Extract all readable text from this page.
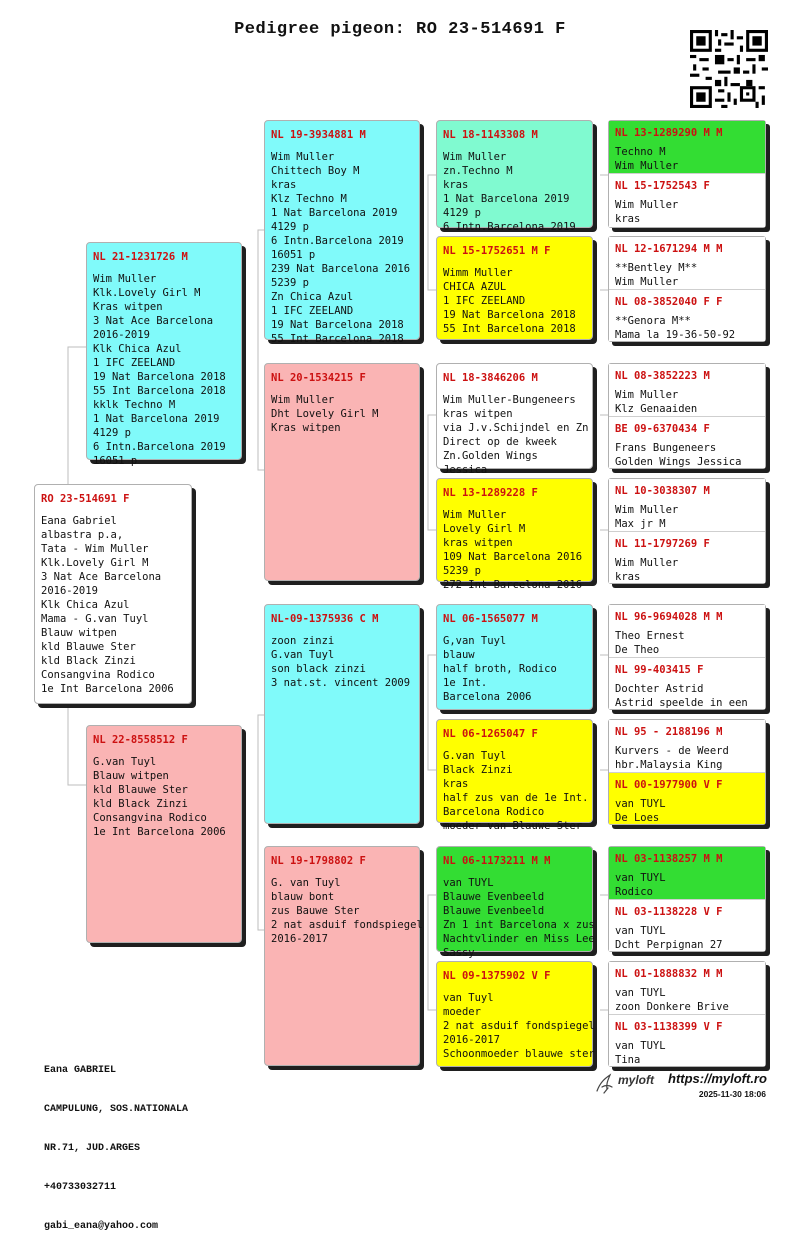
Pedigree pigeon: RO 23-514691 F
RO 23-514691 F
Eana Gabriel
albastra p.a,
Tata - Wim Muller
Klk.Lovely Girl M
3 Nat Ace Barcelona
2016-2019
Klk Chica Azul
Mama - G.van Tuyl
Blauw witpen
kld Blauwe Ster
kld Black Zinzi
Consangvina Rodico
1e Int Barcelona 2006
NL 21-1231726 M
Wim Muller
Klk.Lovely Girl M
Kras witpen
3 Nat Ace Barcelona
2016-2019
Klk Chica Azul
1 IFC ZEELAND
19 Nat Barcelona 2018
55 Int Barcelona 2018
kklk Techno M
1 Nat Barcelona 2019
4129 p
6 Intn.Barcelona 2019
16051 p
NL 22-8558512 F
G.van Tuyl
Blauw witpen
kld Blauwe Ster
kld Black Zinzi
Consangvina Rodico
1e Int Barcelona 2006
NL 19-3934881 M
Wim Muller
Chittech Boy M
kras
Klz Techno M
1 Nat Barcelona 2019
4129 p
6 Intn.Barcelona 2019
16051 p
239 Nat Barcelona 2016
5239 p
Zn Chica Azul
1 IFC ZEELAND
19 Nat Barcelona 2018
55 Int Barcelona 2018
NL 20-1534215 F
Wim Muller
Dht Lovely Girl M
Kras witpen
NL-09-1375936 C M
zoon zinzi
G.van Tuyl
son black zinzi
3 nat.st. vincent 2009
NL 19-1798802 F
G. van Tuyl
blauw bont
zus Bauwe Ster
2 nat asduif fondspiegel
2016-2017
NL 18-1143308 M
Wim Muller
zn.Techno M
kras
1 Nat Barcelona 2019
4129 p
6 Intn.Barcelona 2019
NL 15-1752651 M F
Wimm Muller
CHICA AZUL
1 IFC ZEELAND
19 Nat Barcelona 2018
55 Int Barcelona 2018
NL 18-3846206 M
Wim Muller-Bungeneers
kras witpen
via J.v.Schijndel en Zn
Direct op de kweek
Zn.Golden Wings
Jessica
NL 13-1289228 F
Wim Muller
Lovely Girl M
kras witpen
109 Nat Barcelona 2016
5239 p
272 Int Barcelona 2016
NL 06-1565077 M
G,van Tuyl
blauw
half broth, Rodico
1e Int.
Barcelona 2006
NL 06-1265047 F
G.van Tuyl
Black Zinzi
kras
half zus van de 1e Int.
Barcelona Rodico
moeder van Blauwe Ster
NL 06-1173211 M M
van TUYL
Blauwe Evenbeeld
Blauwe Evenbeeld
Zn 1 int Barcelona x zus
Nachtvlinder en Miss Lee
Sassy
NL 09-1375902 V F
van Tuyl
moeder
2 nat asduif fondspiegel
2016-2017
Schoonmoeder blauwe ster
NL 13-1289290 M M
Techno M
Wim Muller
NL 15-1752543 F
Wim Muller
kras
NL 12-1671294 M M
**Bentley M**
Wim Muller
NL 08-3852040 F F
**Genora M**
Mama la 19-36-50-92
NL 08-3852223 M
Wim Muller
Klz Genaaiden
BE 09-6370434 F
Frans Bungeneers
Golden Wings Jessica
NL 10-3038307 M
Wim Muller
Max jr M
NL 11-1797269 F
Wim Muller
kras
NL 96-9694028 M M
Theo Ernest
De Theo
NL 99-403415 F
Dochter Astrid
Astrid speelde in een
NL 95 - 2188196 M
Kurvers - de Weerd
hbr.Malaysia King
NL 00-1977900 V F
van TUYL
De Loes
NL 03-1138257 M M
van TUYL
Rodico
NL 03-1138228 V F
van TUYL
Dcht Perpignan 27
NL 01-1888832 M M
van TUYL
zoon Donkere Brive
NL 03-1138399 V F
van TUYL
Tina

Eana GABRIEL

CAMPULUNG, SOS.NATIONALA

NR.71, JUD.ARGES

+40733032711

gabi_eana@yahoo.com

myloft https://myloft.ro
2025-11-30 18:06
